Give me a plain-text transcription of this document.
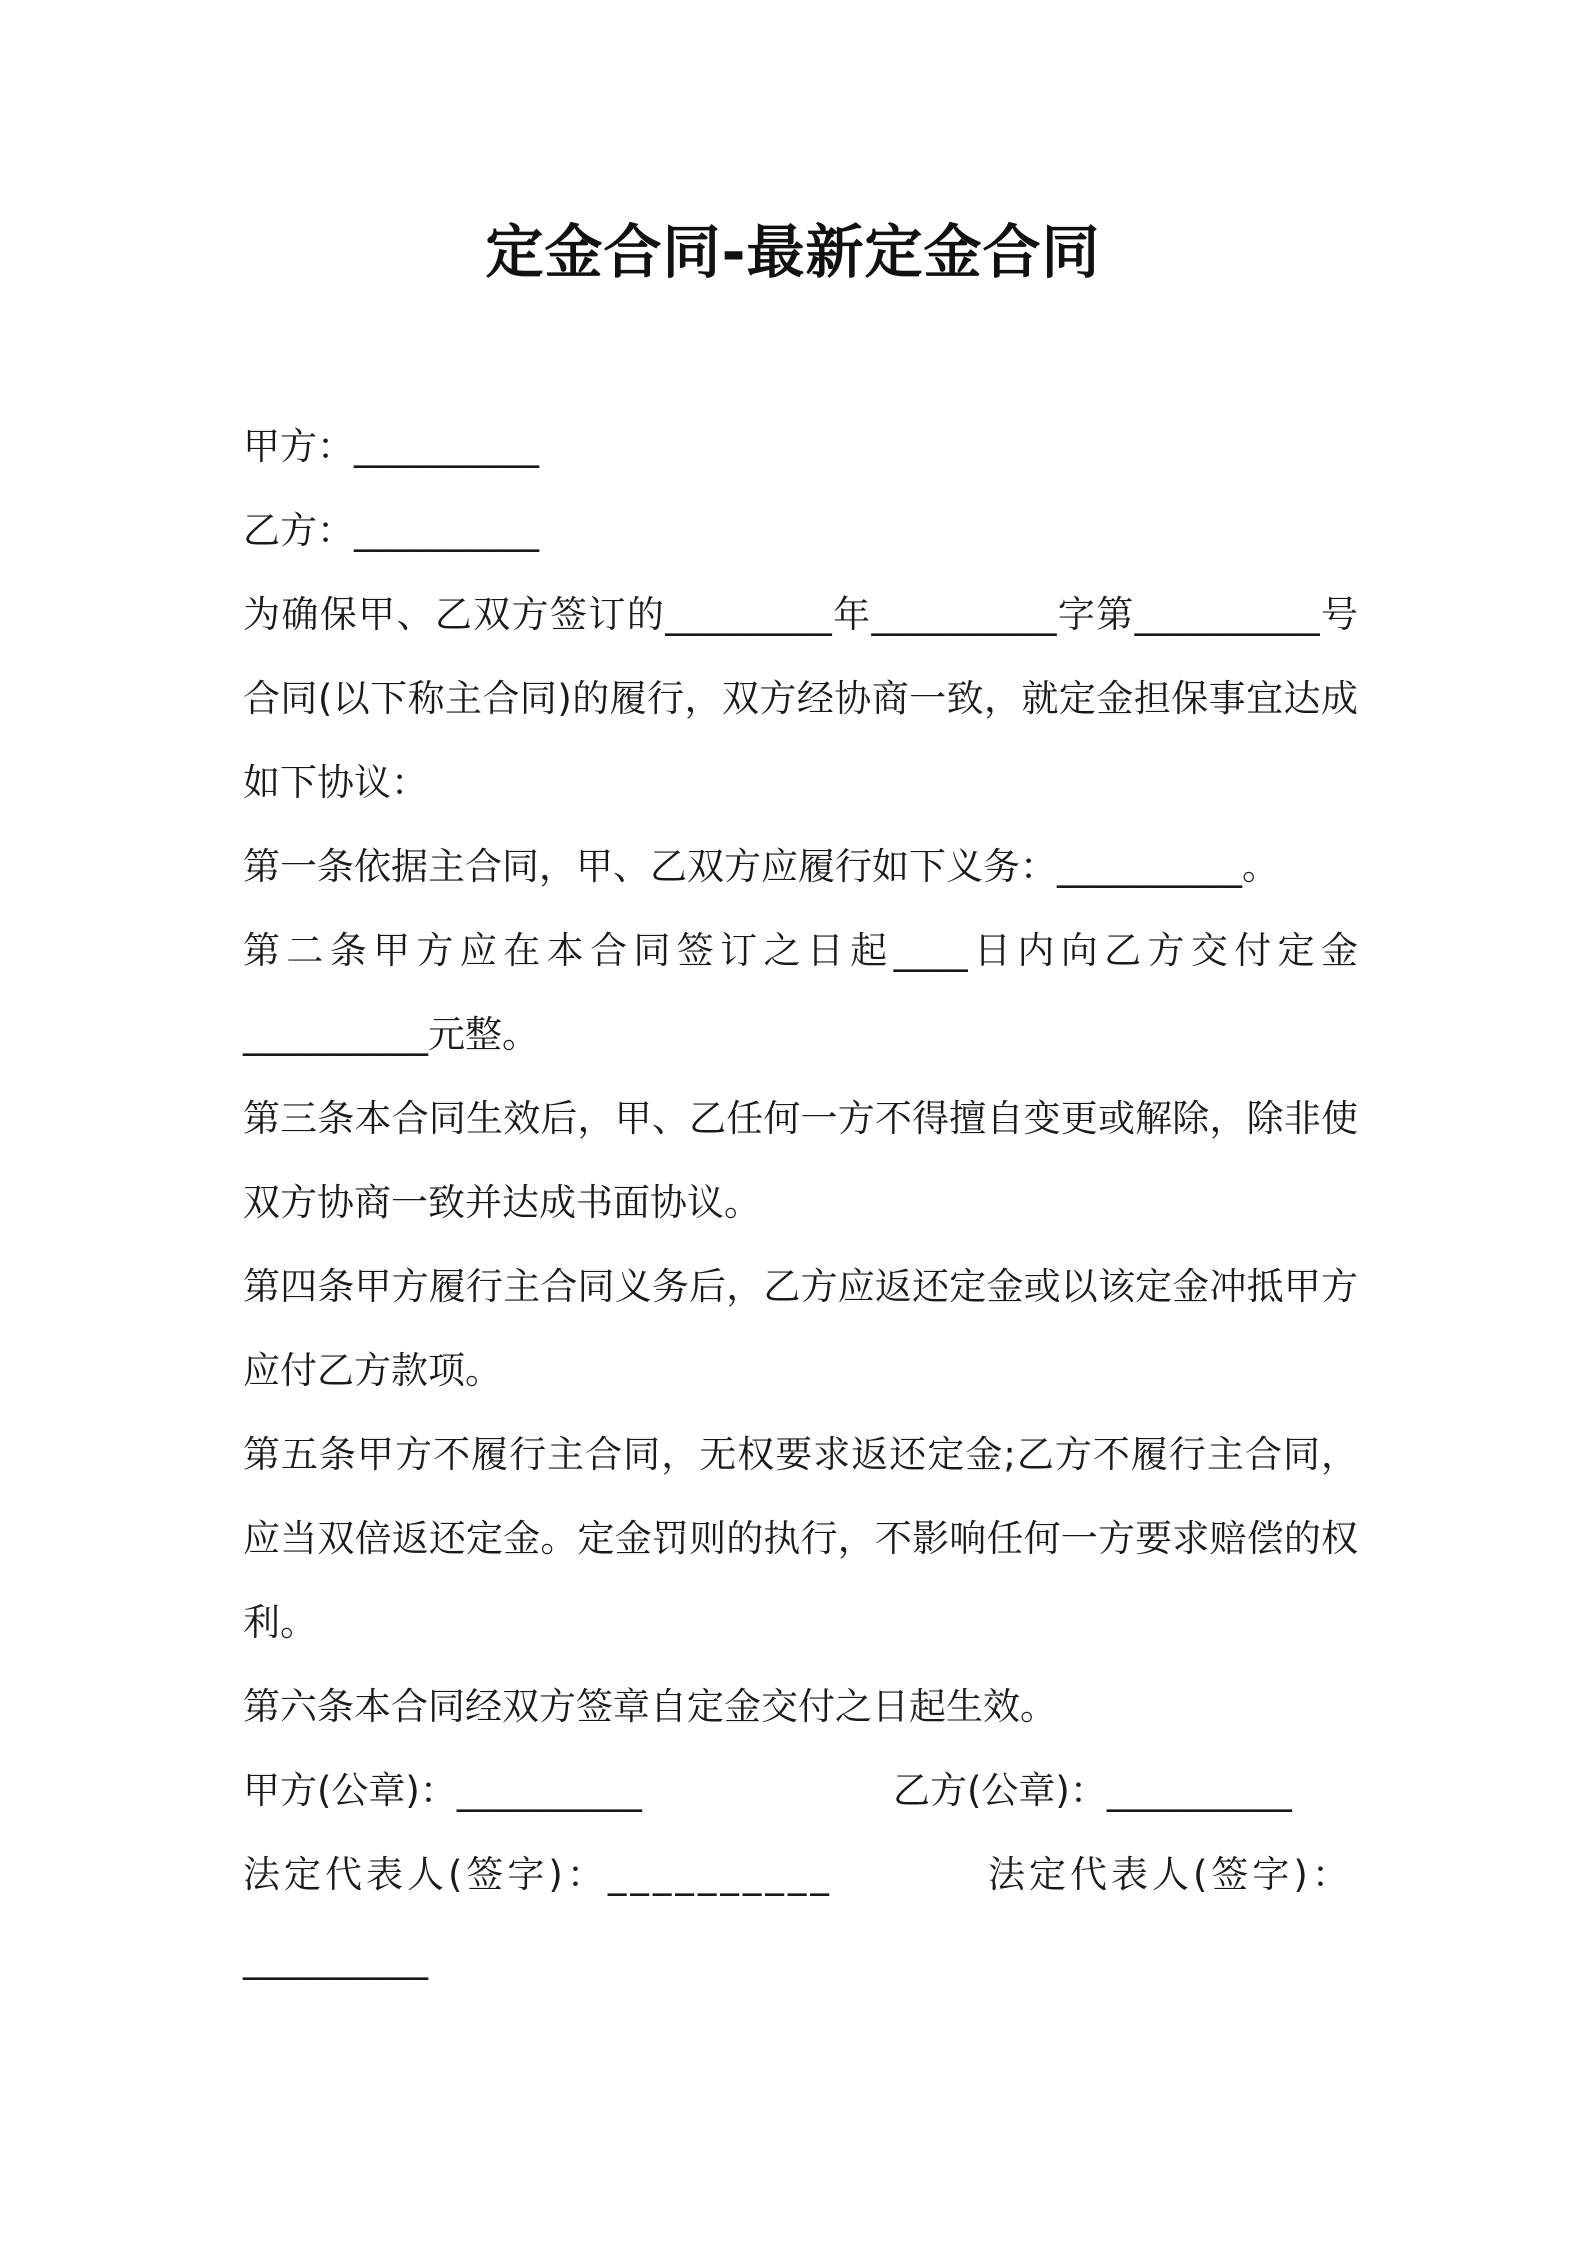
定金合同-最新定金合同
甲方：__________
乙方：__________
为确保甲、乙双方签订的_________年__________字第__________号
合同(以下称主合同)的履行，双方经协商一致，就定金担保事宜达成
如下协议：
第一条依据主合同，甲、乙双方应履行如下义务：__________。
第二条甲方应在本合同签订之日起____日内向乙方交付定金
__________元整。
第三条本合同生效后，甲、乙任何一方不得擅自变更或解除，除非使
双方协商一致并达成书面协议。
第四条甲方履行主合同义务后，乙方应返还定金或以该定金冲抵甲方
应付乙方款项。
第五条甲方不履行主合同，无权要求返还定金;乙方不履行主合同，
应当双倍返还定金。定金罚则的执行，不影响任何一方要求赔偿的权
利。
第六条本合同经双方签章自定金交付之日起生效。

甲方(公章)：__________

	乙方(公章)：__________

法定代表人(签字)：__________

	法定代表人(签字)：

__________
